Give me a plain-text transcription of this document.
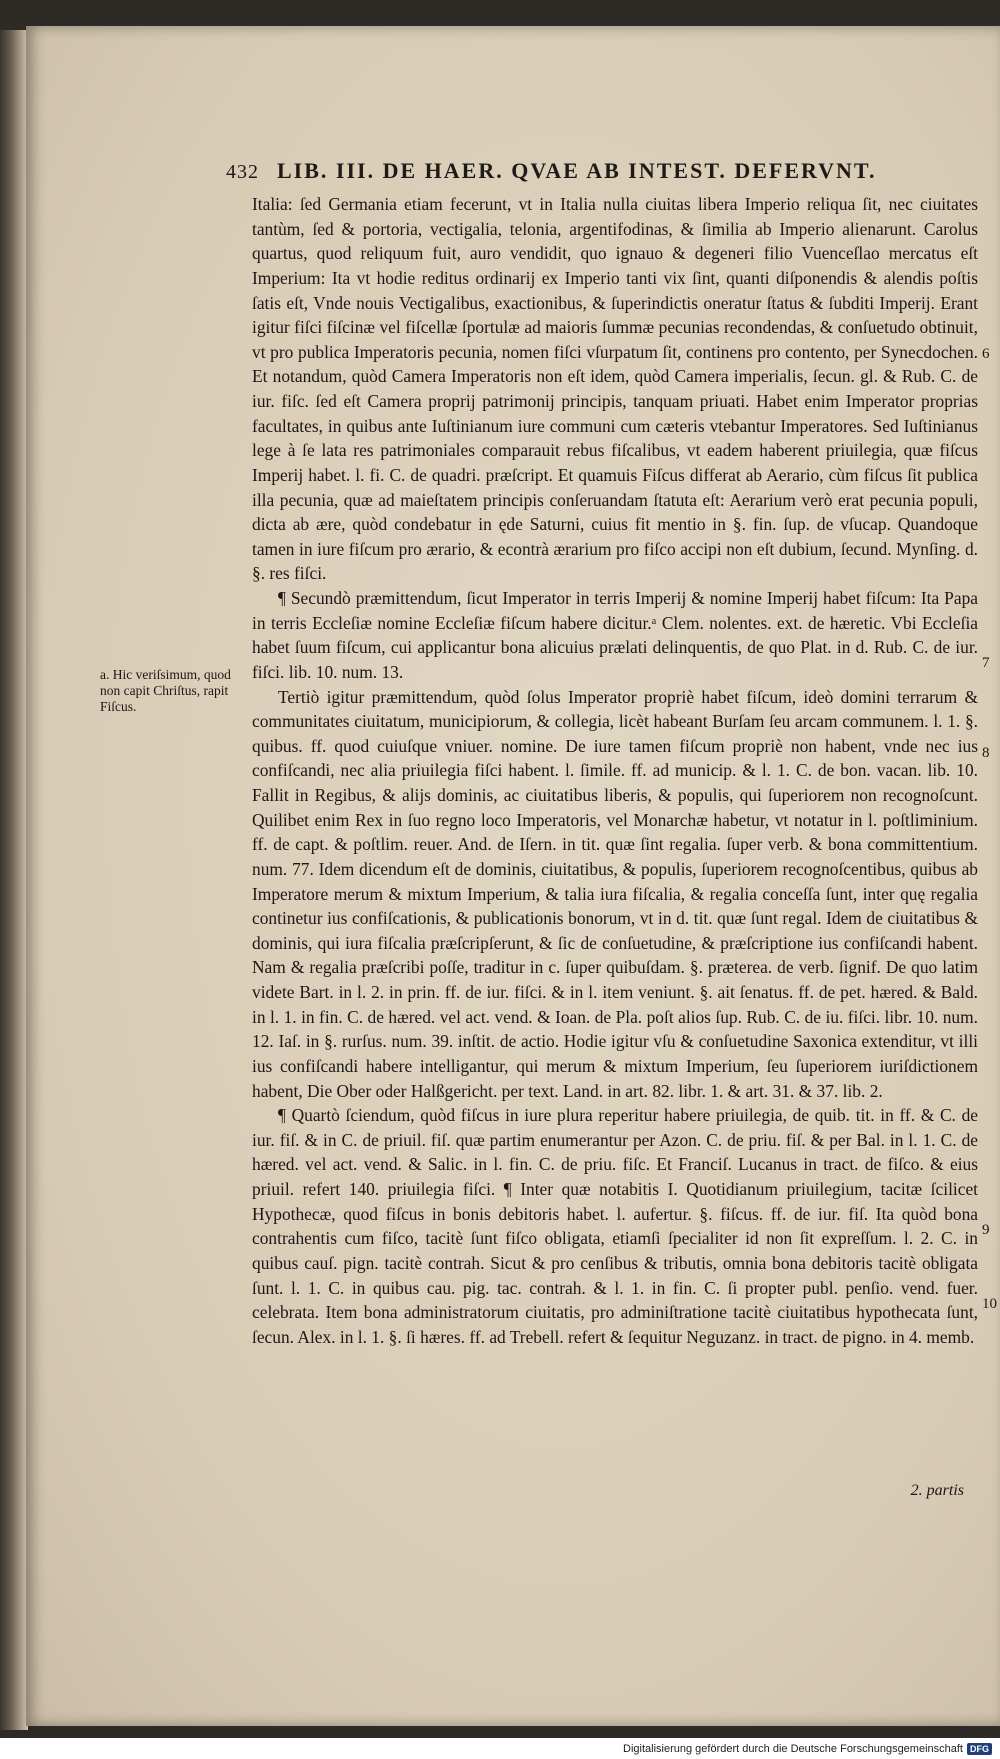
432 LIB. III. DE HAER. QVAE AB INTEST. DEFERVNT.

Italia: ſed Germania etiam fecerunt, vt in Italia nulla ciuitas libera Imperio reliqua ſit, nec ciuitates tantùm, ſed & portoria, vectigalia, telonia, argentifodinas, & ſimilia ab Imperio alienarunt. Carolus quartus, quod reliquum fuit, auro vendidit, quo ignauo & degeneri filio Vuenceſlao mercatus eſt Imperium: Ita vt hodie reditus ordinarij ex Imperio tanti vix ſint, quanti diſponendis & alendis poſtis ſatis eſt, Vnde nouis Vectigalibus, exactionibus, & ſuperindictis oneratur ſtatus & ſubditi Imperij. Erant igitur fiſci fiſcinæ vel fiſcellæ ſportulæ ad maioris ſummæ pecunias recondendas, & conſuetudo obtinuit, vt pro publica Imperatoris pecunia, nomen fiſci vſurpatum ſit, continens pro contento, per Synecdochen. Et notandum, quòd Camera Imperatoris non eſt idem, quòd Camera imperialis, ſecun. gl. & Rub. C. de iur. fiſc. ſed eſt Camera proprij patrimonij principis, tanquam priuati. Habet enim Imperator proprias facultates, in quibus ante Iuſtinianum iure communi cum cæteris vtebantur Imperatores. Sed Iuſtinianus lege à ſe lata res patrimoniales comparauit rebus fiſcalibus, vt eadem haberent priuilegia, quæ fiſcus Imperij habet. l. fi. C. de quadri. præſcript. Et quamuis Fiſcus differat ab Aerario, cùm fiſcus ſit publica illa pecunia, quæ ad maieſtatem principis conſeruandam ſtatuta eſt: Aerarium verò erat pecunia populi, dicta ab ære, quòd condebatur in ęde Saturni, cuius fit mentio in §. fin. ſup. de vſucap. Quandoque tamen in iure fiſcum pro ærario, & econtrà ærarium pro fiſco accipi non eſt dubium, ſecund. Mynſing. d. §. res fiſci.

¶ Secundò præmittendum, ſicut Imperator in terris Imperij & nomine Imperij habet fiſcum: Ita Papa in terris Eccleſiæ nomine Eccleſiæ fiſcum habere dicitur.ᵃ Clem. nolentes. ext. de hæretic. Vbi Eccleſia habet ſuum fiſcum, cui applicantur bona alicuius prælati delinquentis, de quo Plat. in d. Rub. C. de iur. fiſci. lib. 10. num. 13.

Tertiò igitur præmittendum, quòd ſolus Imperator propriè habet fiſcum, ideò domini terrarum & communitates ciuitatum, municipiorum, & collegia, licèt habeant Burſam ſeu arcam communem. l. 1. §. quibus. ff. quod cuiuſque vniuer. nomine. De iure tamen fiſcum propriè non habent, vnde nec ius confiſcandi, nec alia priuilegia fiſci habent. l. ſimile. ff. ad municip. & l. 1. C. de bon. vacan. lib. 10. Fallit in Regibus, & alijs dominis, ac ciuitatibus liberis, & populis, qui ſuperiorem non recognoſcunt. Quilibet enim Rex in ſuo regno loco Imperatoris, vel Monarchæ habetur, vt notatur in l. poſtliminium. ff. de capt. & poſtlim. reuer. And. de Iſern. in tit. quæ ſint regalia. ſuper verb. & bona committentium. num. 77. Idem dicendum eſt de dominis, ciuitatibus, & populis, ſuperiorem recognoſcentibus, quibus ab Imperatore merum & mixtum Imperium, & talia iura fiſcalia, & regalia conceſſa ſunt, inter quę regalia continetur ius confiſcationis, & publicationis bonorum, vt in d. tit. quæ ſunt regal. Idem de ciuitatibus & dominis, qui iura fiſcalia præſcripſerunt, & ſic de conſuetudine, & præſcriptione ius confiſcandi habent. Nam & regalia præſcribi poſſe, traditur in c. ſuper quibuſdam. §. præterea. de verb. ſignif. De quo latim videte Bart. in l. 2. in prin. ff. de iur. fiſci. & in l. item veniunt. §. ait ſenatus. ff. de pet. hæred. & Bald. in l. 1. in fin. C. de hæred. vel act. vend. & Ioan. de Pla. poſt alios ſup. Rub. C. de iu. fiſci. libr. 10. num. 12. Iaſ. in §. rurſus. num. 39. inſtit. de actio. Hodie igitur vſu & conſuetudine Saxonica extenditur, vt illi ius confiſcandi habere intelligantur, qui merum & mixtum Imperium, ſeu ſuperiorem iuriſdictionem habent, Die Ober oder Halßgericht. per text. Land. in art. 82. libr. 1. & art. 31. & 37. lib. 2.

¶ Quartò ſciendum, quòd fiſcus in iure plura reperitur habere priuilegia, de quib. tit. in ff. & C. de iur. fiſ. & in C. de priuil. fiſ. quæ partim enumerantur per Azon. C. de priu. fiſ. & per Bal. in l. 1. C. de hæred. vel act. vend. & Salic. in l. fin. C. de priu. fiſc. Et Franciſ. Lucanus in tract. de fiſco. & eius priuil. refert 140. priuilegia fiſci. ¶ Inter quæ notabitis I. Quotidianum priuilegium, tacitæ ſcilicet Hypothecæ, quod fiſcus in bonis debitoris habet. l. aufertur. §. fiſcus. ff. de iur. fiſ. Ita quòd bona contrahentis cum fiſco, tacitè ſunt fiſco obligata, etiamſi ſpecialiter id non ſit expreſſum. l. 2. C. in quibus cauſ. pign. tacitè contrah. Sicut & pro cenſibus & tributis, omnia bona debitoris tacitè obligata ſunt. l. 1. C. in quibus cau. pig. tac. contrah. & l. 1. in fin. C. ſi propter publ. penſio. vend. fuer. celebrata. Item bona administratorum ciuitatis, pro adminiſtratione tacitè ciuitatibus hypothecata ſunt, ſecun. Alex. in l. 1. §. ſi hæres. ff. ad Trebell. refert & ſequitur Neguzanz. in tract. de pigno. in 4. memb.

a. Hic veriſsimum, quod non capit Chriſtus, rapit Fiſcus.
6
7
8
9
10
2. partis
Digitalisierung gefördert durch die Deutsche Forschungsgemeinschaft DFG
